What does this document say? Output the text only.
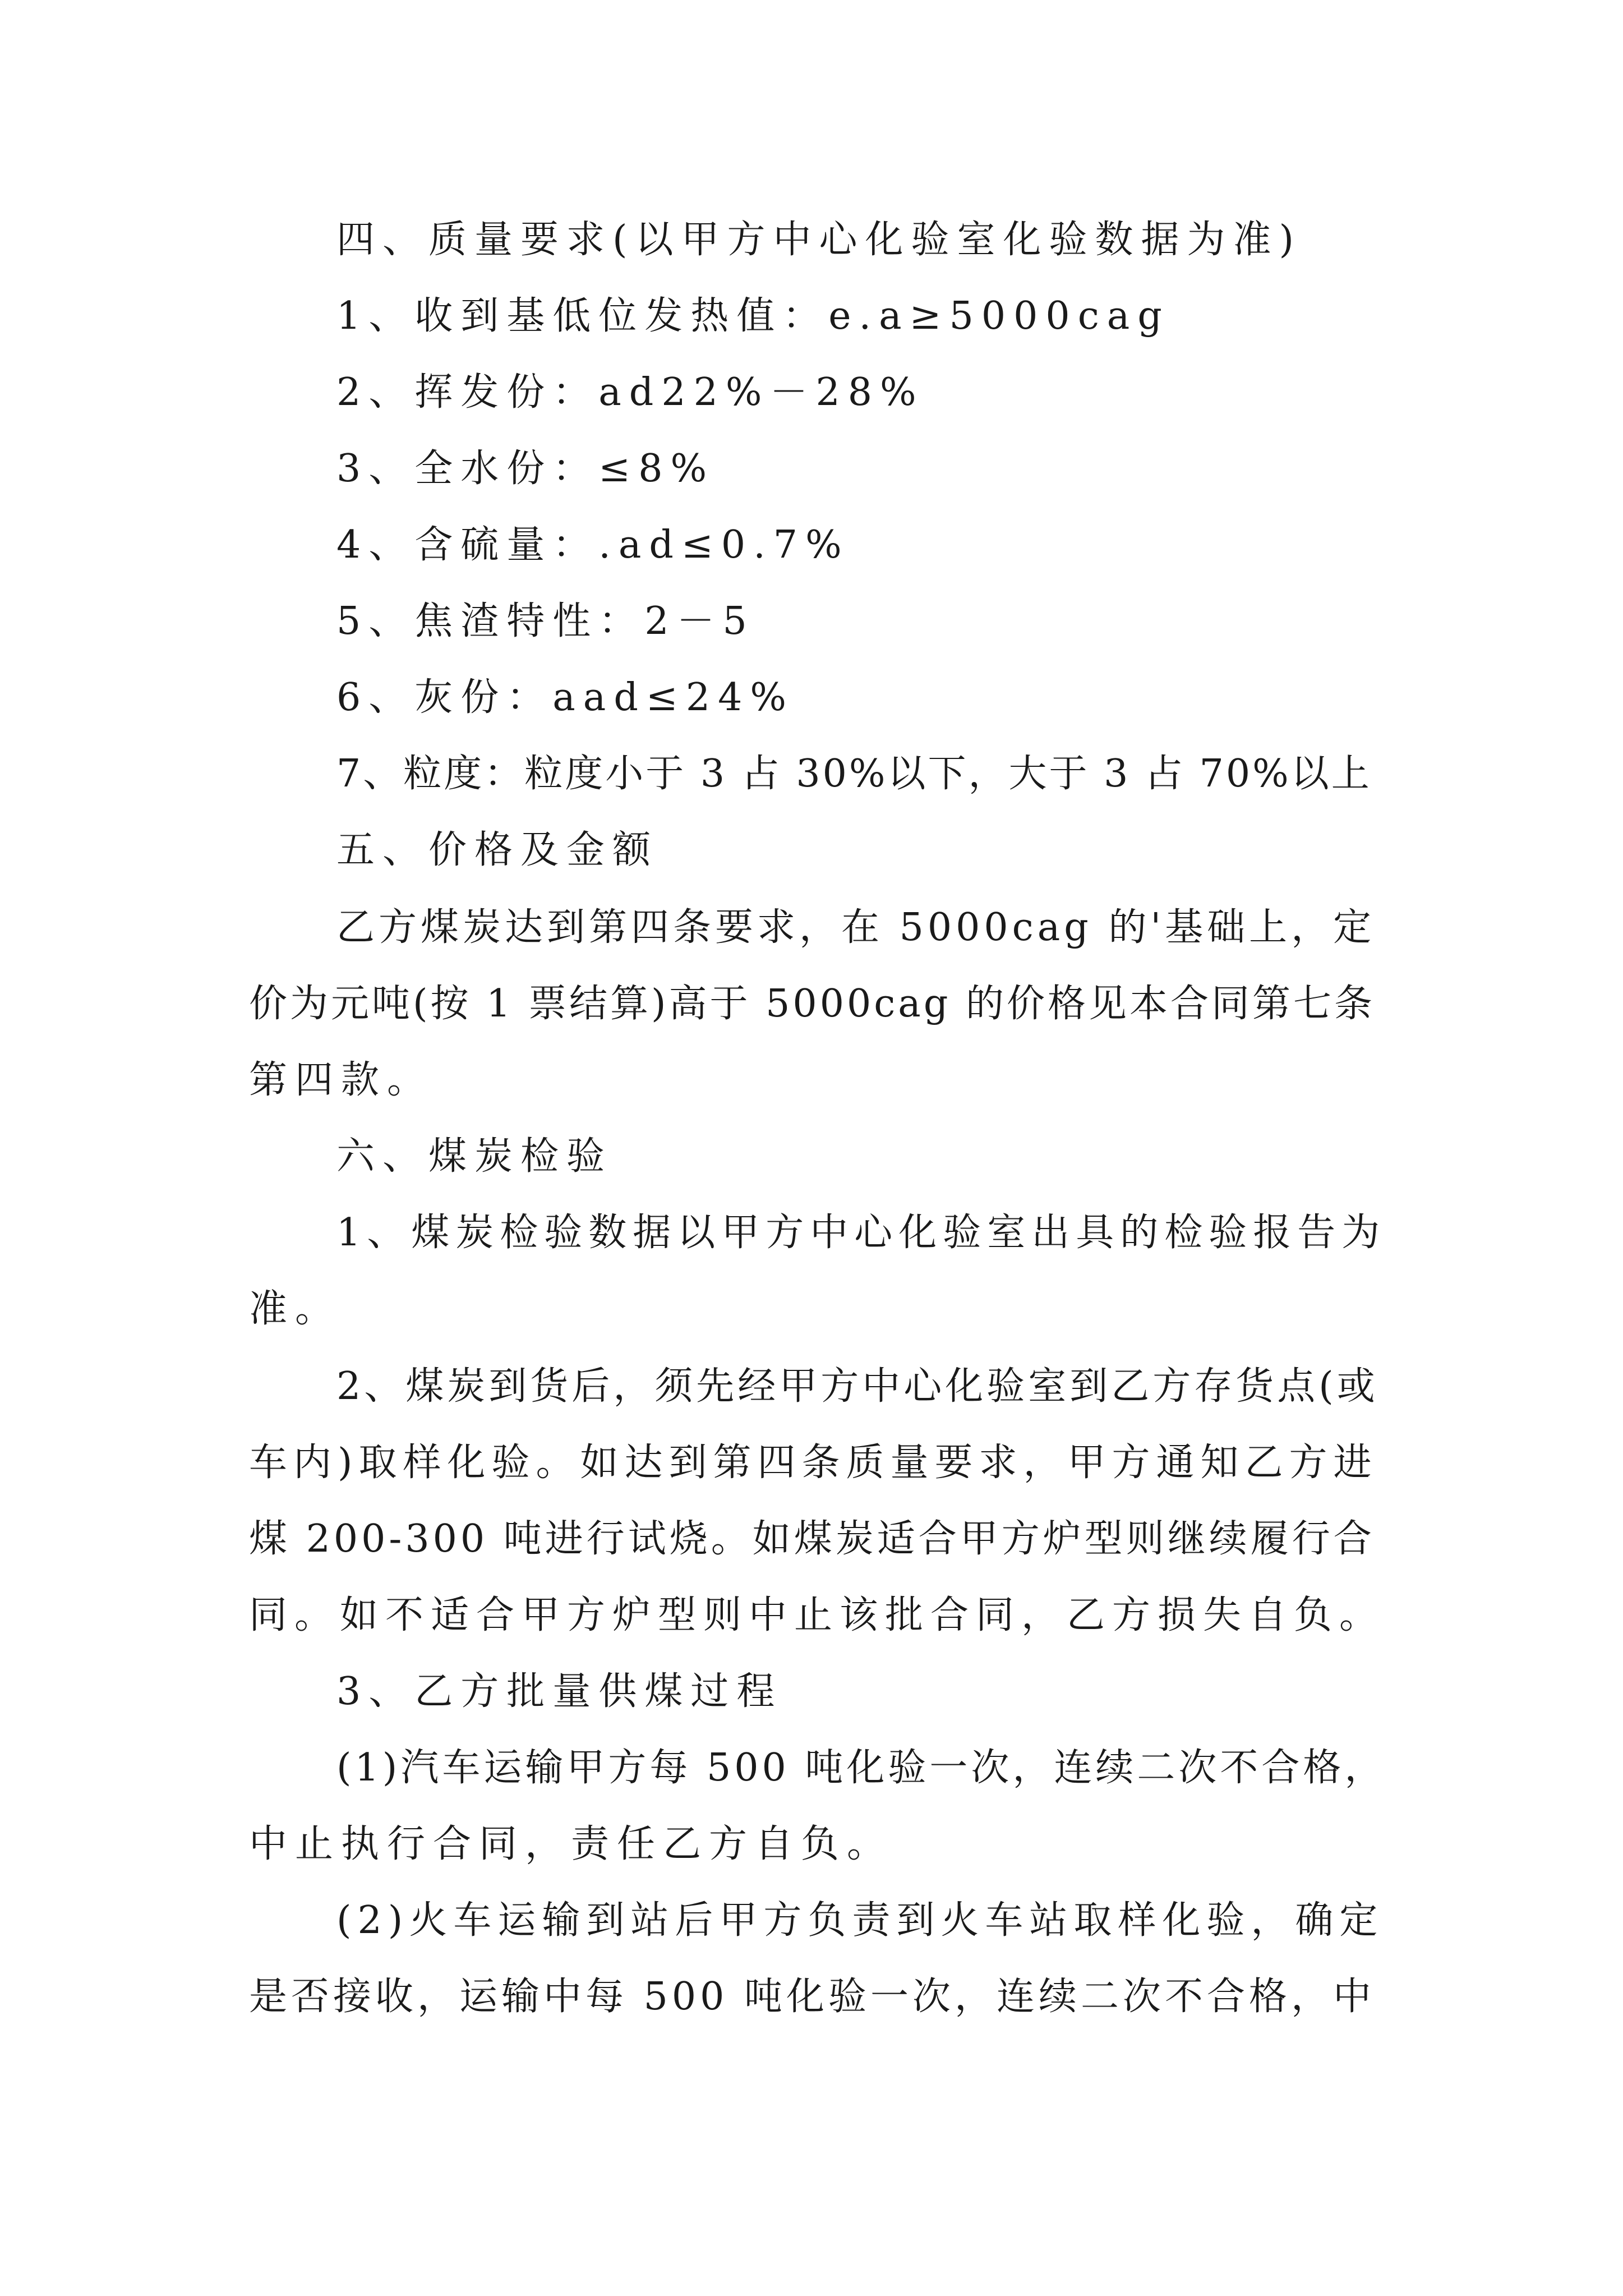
四、质量要求(以甲方中心化验室化验数据为准)
1、收到基低位发热值：e.a≥5000cag
2、挥发份：ad22%－28%
3、全水份：≤8%
4、含硫量：.ad≤0.7%
5、焦渣特性：2－5
6、灰份：aad≤24%
7、粒度：粒度小于 3 占 30%以下，大于 3 占 70%以上
五、价格及金额
乙方煤炭达到第四条要求，在 5000cag 的'基础上，定
价为元吨(按 1 票结算)高于 5000cag 的价格见本合同第七条
第四款。
六、煤炭检验
1、煤炭检验数据以甲方中心化验室出具的检验报告为
准。
2、煤炭到货后，须先经甲方中心化验室到乙方存货点(或
车内)取样化验。如达到第四条质量要求，甲方通知乙方进
煤 200-300 吨进行试烧。如煤炭适合甲方炉型则继续履行合
同。如不适合甲方炉型则中止该批合同，乙方损失自负。
3、乙方批量供煤过程
(1)汽车运输甲方每 500 吨化验一次，连续二次不合格，
中止执行合同，责任乙方自负。
(2)火车运输到站后甲方负责到火车站取样化验，确定
是否接收，运输中每 500 吨化验一次，连续二次不合格，中
